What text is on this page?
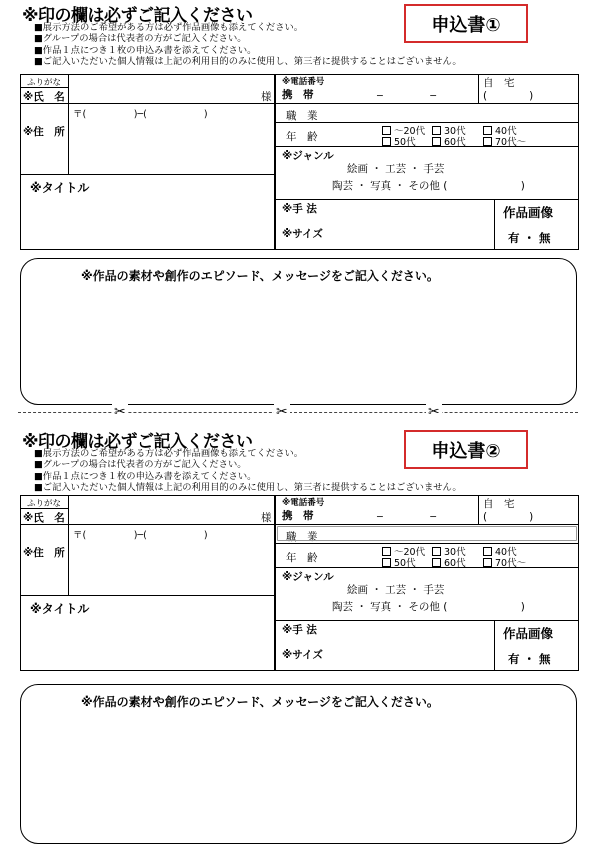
※印の欄は必ずご記入ください
■展示方法のご希望がある方は必ず作品画像も添えてください。
■グループの場合は代表者の方がご記入ください。
■作品１点につき１枚の申込み書を添えてください。
■ご記入いただいた個人情報は上記の利用目的のみに使用し、第三者に提供することはございません。
申込書①
ふりがな
※氏　名	様
※住　所
〒(　　　　　)─(　　　　　　)
※タイトル
※電話番号
携　帯	─　　　　　─
自　宅
(　　　　)
職　業
年　齢	～20代	30代	40代
50代	60代	70代～
※ジャンル
絵画 ・ 工芸 ・ 手芸
陶芸 ・ 写真 ・ その他 (　　　　　　　)
※手 法
※サイズ
作品画像
有 ・ 無
※作品の素材や創作のエピソード、メッセージをご記入ください。
✂	✂	✂
※印の欄は必ずご記入ください
■展示方法のご希望がある方は必ず作品画像も添えてください。
■グループの場合は代表者の方がご記入ください。
■作品１点につき１枚の申込み書を添えてください。
■ご記入いただいた個人情報は上記の利用目的のみに使用し、第三者に提供することはございません。
申込書②
ふりがな
※氏　名	様
※住　所
〒(　　　　　)─(　　　　　　)
※タイトル
※電話番号
携　帯	─　　　　　─
自　宅
(　　　　)
職　業
年　齢	～20代	30代	40代
50代	60代	70代～
※ジャンル
絵画 ・ 工芸 ・ 手芸
陶芸 ・ 写真 ・ その他 (　　　　　　　)
※手 法
※サイズ
作品画像
有 ・ 無
※作品の素材や創作のエピソード、メッセージをご記入ください。
